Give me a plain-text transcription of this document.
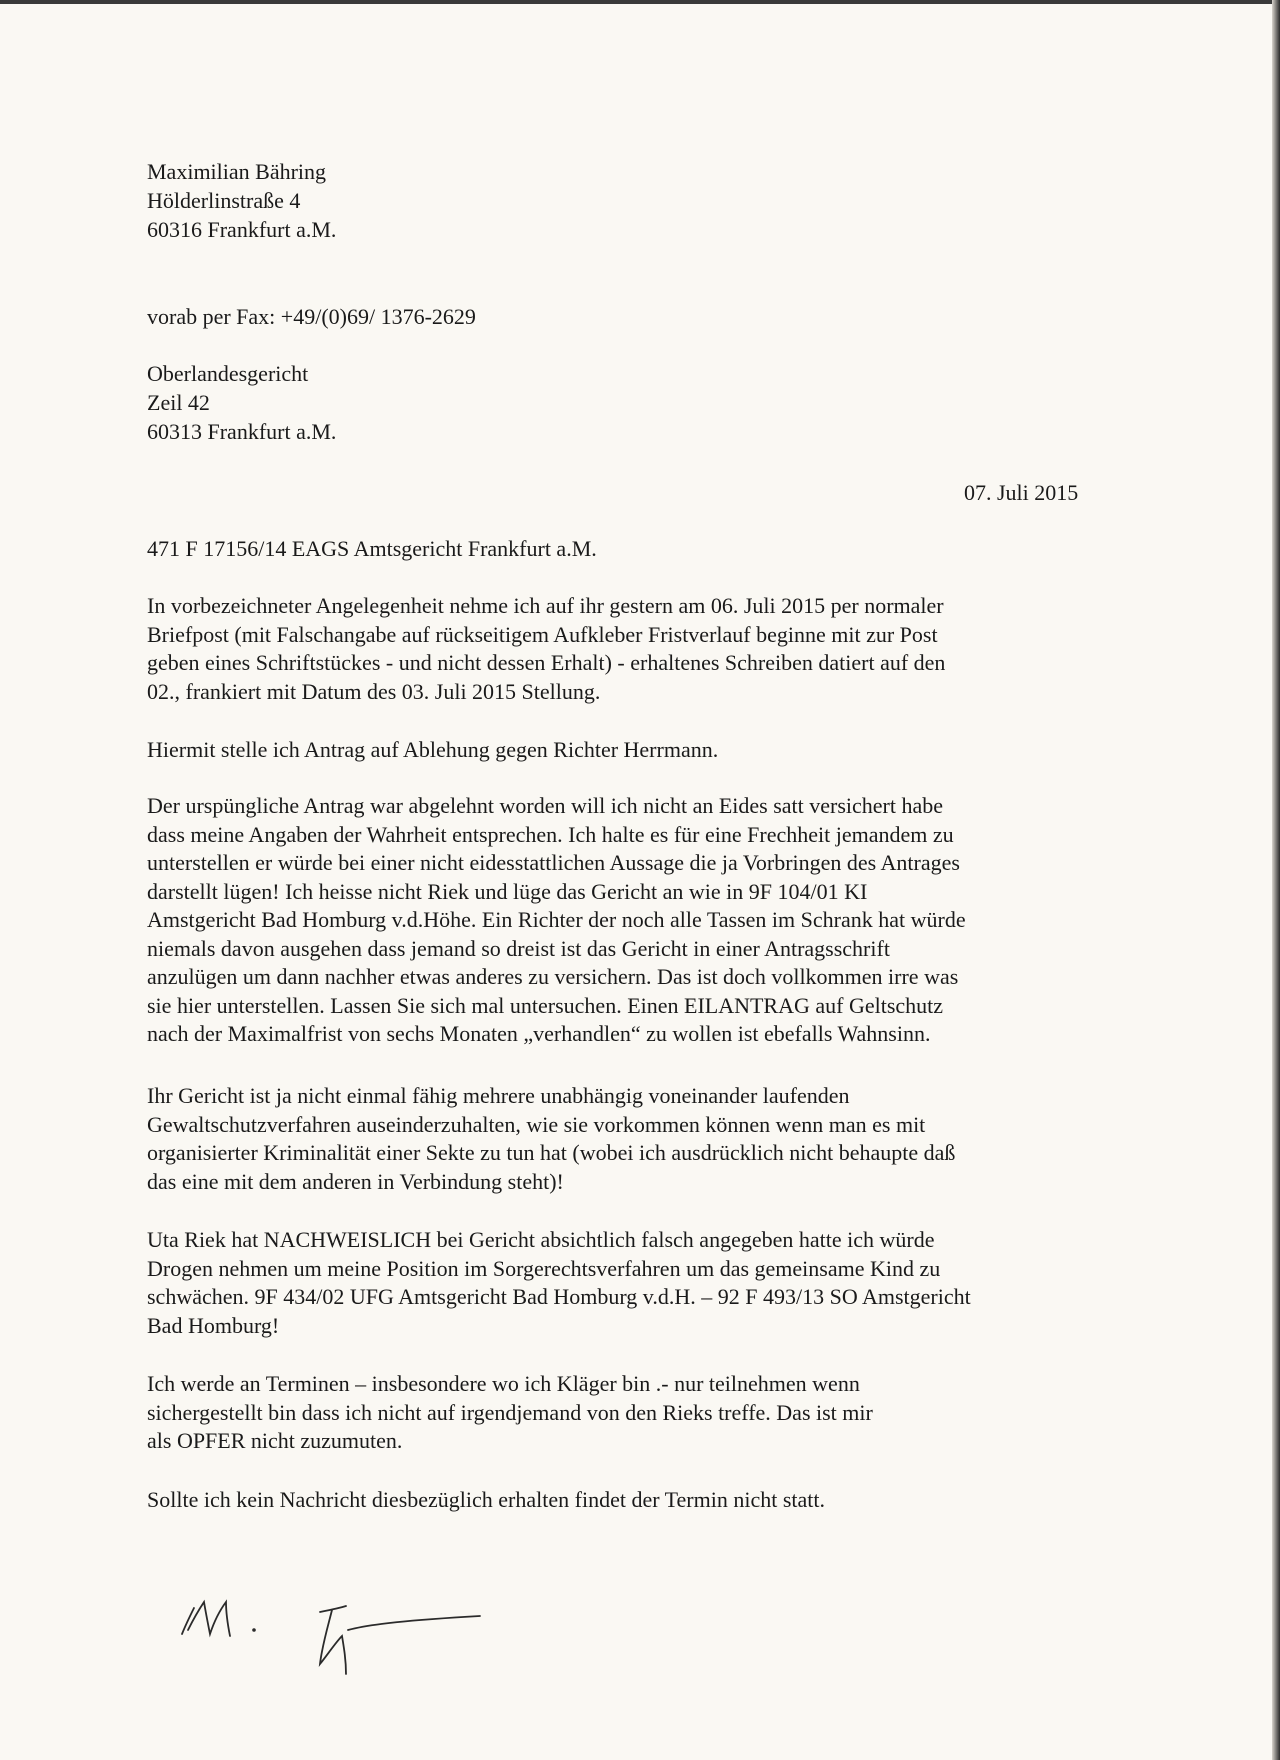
Maximilian Bähring
Hölderlinstraße 4
60316 Frankfurt a.M.
vorab per Fax: +49/(0)69/ 1376-2629
Oberlandesgericht
Zeil 42
60313 Frankfurt a.M.
07. Juli 2015
471 F 17156/14 EAGS Amtsgericht Frankfurt a.M.

In vorbezeichneter Angelegenheit nehme ich auf ihr gestern am 06. Juli 2015 per normaler

Briefpost (mit Falschangabe auf rückseitigem Aufkleber Fristverlauf beginne mit zur Post

geben eines Schriftstückes - und nicht dessen Erhalt) - erhaltenes Schreiben datiert auf den

02., frankiert mit Datum des 03. Juli 2015 Stellung.

Hiermit stelle ich Antrag auf Ablehung gegen Richter Herrmann.

Der urspüngliche Antrag war abgelehnt worden will ich nicht an Eides satt versichert habe

dass meine Angaben der Wahrheit entsprechen. Ich halte es für eine Frechheit jemandem zu

unterstellen er würde bei einer nicht eidesstattlichen Aussage die ja Vorbringen des Antrages

darstellt lügen! Ich heisse nicht Riek und lüge das Gericht an wie in 9F 104/01 KI

Amstgericht Bad Homburg v.d.Höhe. Ein Richter der noch alle Tassen im Schrank hat würde

niemals davon ausgehen dass jemand so dreist ist das Gericht in einer Antragsschrift

anzulügen um dann nachher etwas anderes zu versichern. Das ist doch vollkommen irre was

sie hier unterstellen. Lassen Sie sich mal untersuchen. Einen EILANTRAG auf Geltschutz

nach der Maximalfrist von sechs Monaten „verhandlen“ zu wollen ist ebefalls Wahnsinn.

Ihr Gericht ist ja nicht einmal fähig mehrere unabhängig voneinander laufenden

Gewaltschutzverfahren auseinderzuhalten, wie sie vorkommen können wenn man es mit

organisierter Kriminalität einer Sekte zu tun hat (wobei ich ausdrücklich nicht behaupte daß

das eine mit dem anderen in Verbindung steht)!

Uta Riek hat NACHWEISLICH bei Gericht absichtlich falsch angegeben hatte ich würde

Drogen nehmen um meine Position im Sorgerechtsverfahren um das gemeinsame Kind zu

schwächen. 9F 434/02 UFG Amtsgericht Bad Homburg v.d.H. – 92 F 493/13 SO Amstgericht

Bad Homburg!

Ich werde an Terminen – insbesondere wo ich Kläger bin .- nur teilnehmen wenn

sichergestellt bin dass ich nicht auf irgendjemand von den Rieks treffe. Das ist mir

als OPFER nicht zuzumuten.

Sollte ich kein Nachricht diesbezüglich erhalten findet der Termin nicht statt.
